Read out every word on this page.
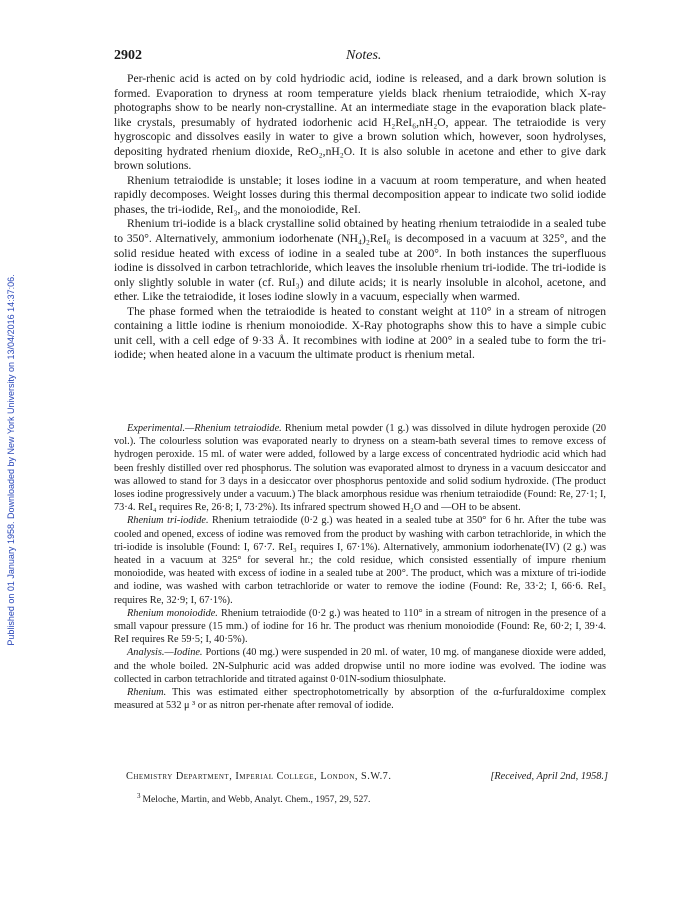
Published on 01 January 1958. Downloaded by New York University on 13/04/2016 14:37:06.
2902	Notes.

Per-rhenic acid is acted on by cold hydriodic acid, iodine is released, and a dark brown solution is formed. Evaporation to dryness at room temperature yields black rhenium tetraiodide, which X-ray photographs show to be nearly non-crystalline. At an intermediate stage in the evaporation black plate-like crystals, presumably of hydrated iodorhenic acid H₂ReI₆,nH₂O, appear. The tetraiodide is very hygroscopic and dissolves easily in water to give a brown solution which, however, soon hydrolyses, depositing hydrated rhenium dioxide, ReO₂,nH₂O. It is also soluble in acetone and ether to give dark brown solutions.

Rhenium tetraiodide is unstable; it loses iodine in a vacuum at room temperature, and when heated rapidly decomposes. Weight losses during this thermal decomposition appear to indicate two solid iodide phases, the tri-iodide, ReI₃, and the monoiodide, ReI.

Rhenium tri-iodide is a black crystalline solid obtained by heating rhenium tetraiodide in a sealed tube to 350°. Alternatively, ammonium iodorhenate (NH₄)₂ReI₆ is decomposed in a vacuum at 325°, and the solid residue heated with excess of iodine in a sealed tube at 200°. In both instances the superfluous iodine is dissolved in carbon tetrachloride, which leaves the insoluble rhenium tri-iodide. The tri-iodide is only slightly soluble in water (cf. RuI₃) and dilute acids; it is nearly insoluble in alcohol, acetone, and ether. Like the tetraiodide, it loses iodine slowly in a vacuum, especially when warmed.

The phase formed when the tetraiodide is heated to constant weight at 110° in a stream of nitrogen containing a little iodine is rhenium monoiodide. X-Ray photographs show this to have a simple cubic unit cell, with a cell edge of 9·33 Å. It recombines with iodine at 200° in a sealed tube to form the tri-iodide; when heated alone in a vacuum the ultimate product is rhenium metal.

Experimental.—Rhenium tetraiodide. Rhenium metal powder (1 g.) was dissolved in dilute hydrogen peroxide (20 vol.). The colourless solution was evaporated nearly to dryness on a steam-bath several times to remove excess of hydrogen peroxide. 15 ml. of water were added, followed by a large excess of concentrated hydriodic acid which had been freshly distilled over red phosphorus. The solution was evaporated almost to dryness in a vacuum desiccator and was allowed to stand for 3 days in a desiccator over phosphorus pentoxide and solid sodium hydroxide. (The product loses iodine progressively under a vacuum.) The black amorphous residue was rhenium tetraiodide (Found: Re, 27·1; I, 73·4. ReI₄ requires Re, 26·8; I, 73·2%). Its infrared spectrum showed H₂O and —OH to be absent.

Rhenium tri-iodide. Rhenium tetraiodide (0·2 g.) was heated in a sealed tube at 350° for 6 hr. After the tube was cooled and opened, excess of iodine was removed from the product by washing with carbon tetrachloride, in which the tri-iodide is insoluble (Found: I, 67·7. ReI₃ requires I, 67·1%). Alternatively, ammonium iodorhenate(IV) (2 g.) was heated in a vacuum at 325° for several hr.; the cold residue, which consisted essentially of impure rhenium monoiodide, was heated with excess of iodine in a sealed tube at 200°. The product, which was a mixture of tri-iodide and iodine, was washed with carbon tetrachloride or water to remove the iodine (Found: Re, 33·2; I, 66·6. ReI₃ requires Re, 32·9; I, 67·1%).

Rhenium monoiodide. Rhenium tetraiodide (0·2 g.) was heated to 110° in a stream of nitrogen in the presence of a small vapour pressure (15 mm.) of iodine for 16 hr. The product was rhenium monoiodide (Found: Re, 60·2; I, 39·4. ReI requires Re 59·5; I, 40·5%).

Analysis.—Iodine. Portions (40 mg.) were suspended in 20 ml. of water, 10 mg. of manganese dioxide were added, and the whole boiled. 2N-Sulphuric acid was added dropwise until no more iodine was evolved. The iodine was collected in carbon tetrachloride and titrated against 0·01N-sodium thiosulphate.

Rhenium. This was estimated either spectrophotometrically by absorption of the α-furfuraldoxime complex measured at 532 μ ³ or as nitron per-rhenate after removal of iodide.

Chemistry Department, Imperial College, London, S.W.7.	[Received, April 2nd, 1958.]
$^3$ Meloche, Martin, and Webb, Analyt. Chem., 1957, 29, 527.
